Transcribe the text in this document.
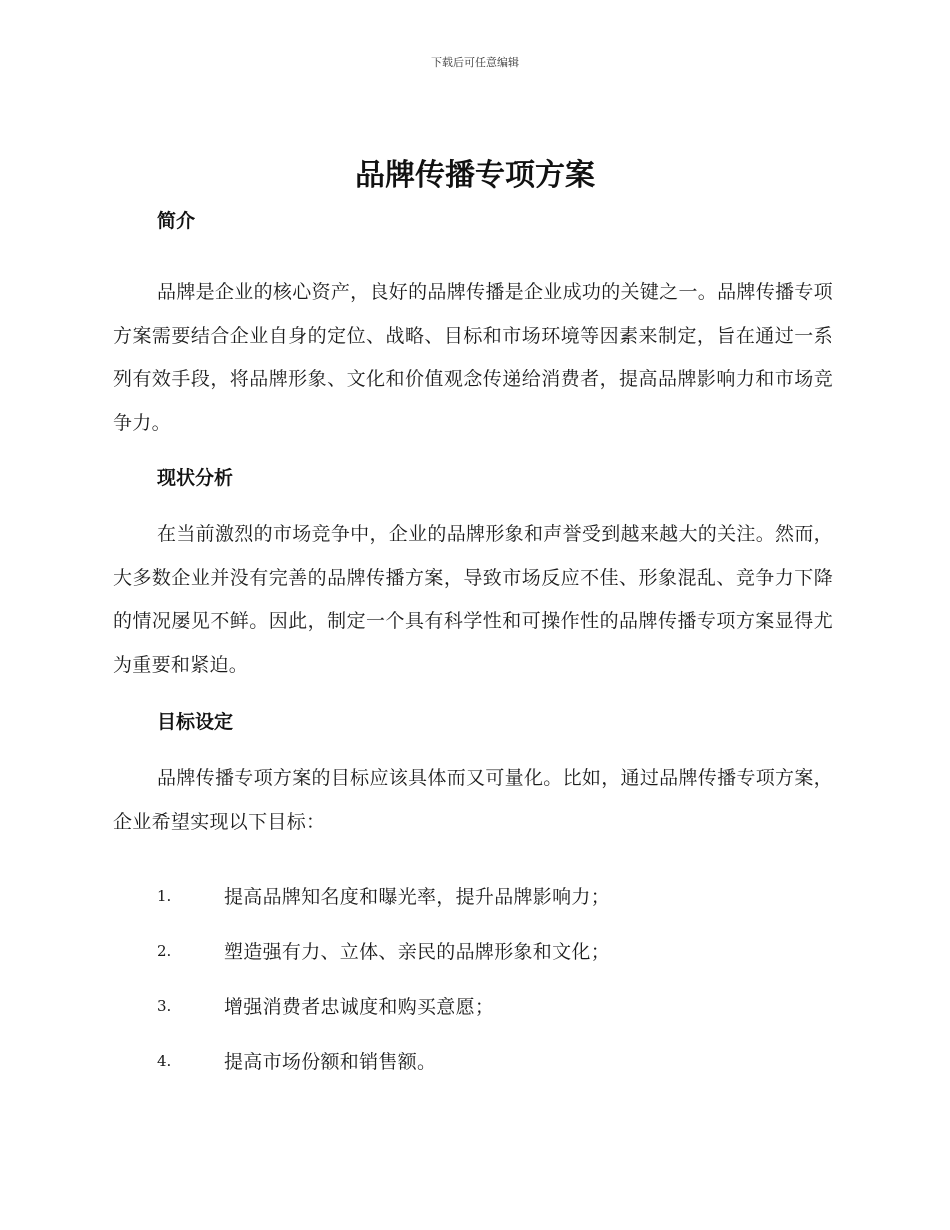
下载后可任意编辑
品牌传播专项方案
简介

品牌是企业的核心资产，良好的品牌传播是企业成功的关键之一。品牌传播专项方案需要结合企业自身的定位、战略、目标和市场环境等因素来制定，旨在通过一系列有效手段，将品牌形象、文化和价值观念传递给消费者，提高品牌影响力和市场竞争力。

现状分析

在当前激烈的市场竞争中，企业的品牌形象和声誉受到越来越大的关注。然而，大多数企业并没有完善的品牌传播方案，导致市场反应不佳、形象混乱、竞争力下降的情况屡见不鲜。因此，制定一个具有科学性和可操作性的品牌传播专项方案显得尤为重要和紧迫。

目标设定

品牌传播专项方案的目标应该具体而又可量化。比如，通过品牌传播专项方案，企业希望实现以下目标：

1.	提高品牌知名度和曝光率，提升品牌影响力；
2.	塑造强有力、立体、亲民的品牌形象和文化；
3.	增强消费者忠诚度和购买意愿；
4.	提高市场份额和销售额。
